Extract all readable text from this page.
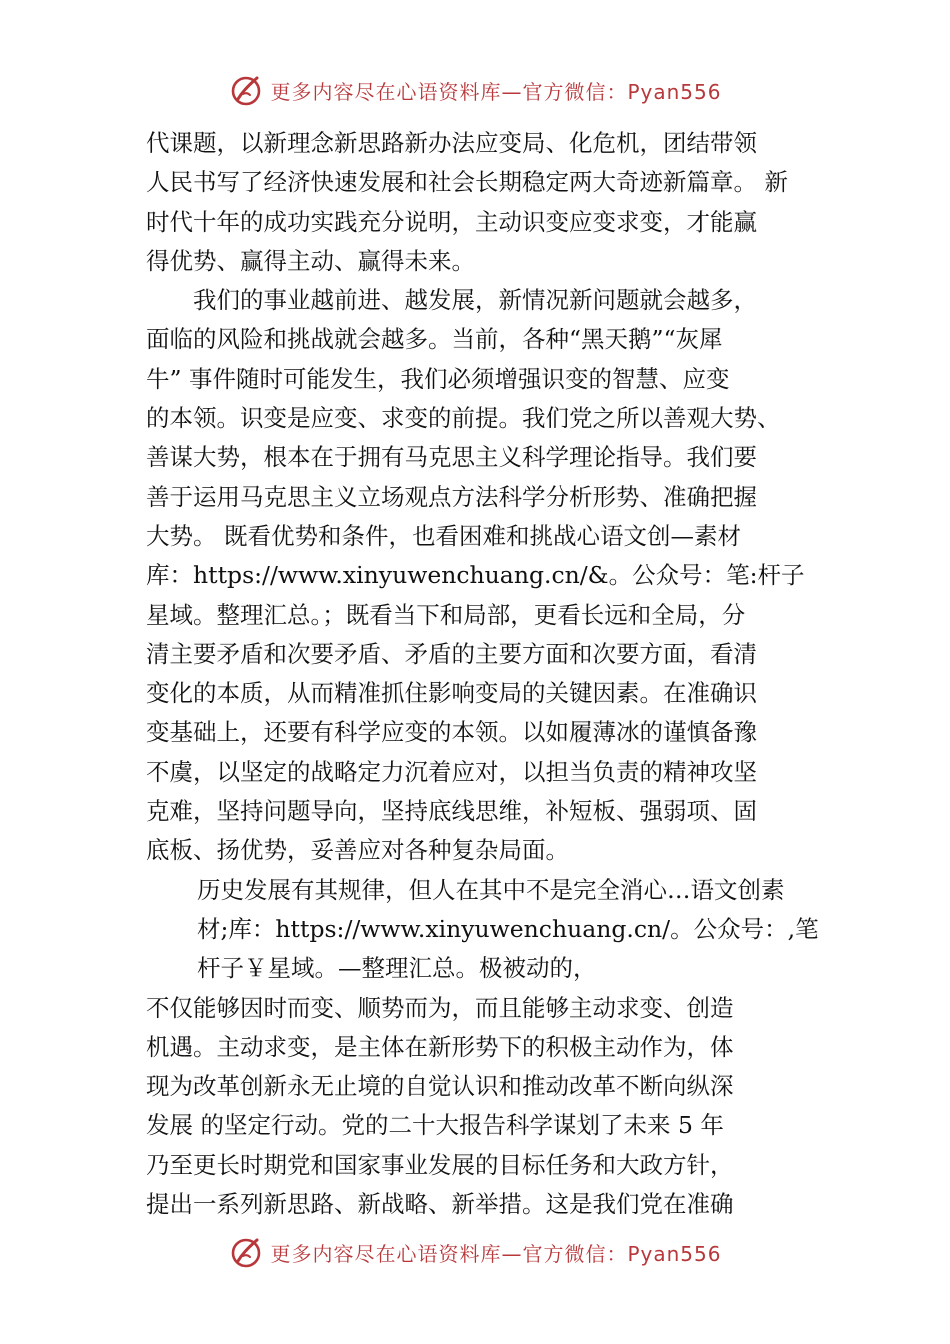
更多内容尽在心语资料库—官方微信：Pyan556

代课题，以新理念新思路新办法应变局、化危机，团结带领
人民书写了经济快速发展和社会长期稳定两大奇迹新篇章。 新
时代十年的成功实践充分说明，主动识变应变求变，才能赢
得优势、赢得主动、赢得未来。

我们的事业越前进、越发展，新情况新问题就会越多，
面临的风险和挑战就会越多。当前，各种“黑天鹅”“灰犀
牛” 事件随时可能发生，我们必须增强识变的智慧、应变
的本领。识变是应变、求变的前提。我们党之所以善观大势、
善谋大势，根本在于拥有马克思主义科学理论指导。我们要
善于运用马克思主义立场观点方法科学分析形势、准确把握
大势。 既看优势和条件，也看困难和挑战心语文创—素材
库：https://www.xinyuwenchuang.cn/&。公众号：笔:杆子
星域。整理汇总。；既看当下和局部，更看长远和全局，分
清主要矛盾和次要矛盾、矛盾的主要方面和次要方面，看清
变化的本质，从而精准抓住影响变局的关键因素。在准确识
变基础上，还要有科学应变的本领。以如履薄冰的谨慎备豫
不虞，以坚定的战略定力沉着应对，以担当负责的精神攻坚
克难，坚持问题导向，坚持底线思维，补短板、强弱项、固
底板、扬优势，妥善应对各种复杂局面。

历史发展有其规律，但人在其中不是完全消心…语文创素
材;库：https://www.xinyuwenchuang.cn/。公众号：,笔
杆子￥星域。—整理汇总。极被动的，

不仅能够因时而变、顺势而为，而且能够主动求变、创造
机遇。主动求变，是主体在新形势下的积极主动作为，体
现为改革创新永无止境的自觉认识和推动改革不断向纵深
发展 的坚定行动。党的二十大报告科学谋划了未来 5 年
乃至更长时期党和国家事业发展的目标任务和大政方针，
提出一系列新思路、新战略、新举措。这是我们党在准确

更多内容尽在心语资料库—官方微信：Pyan556
